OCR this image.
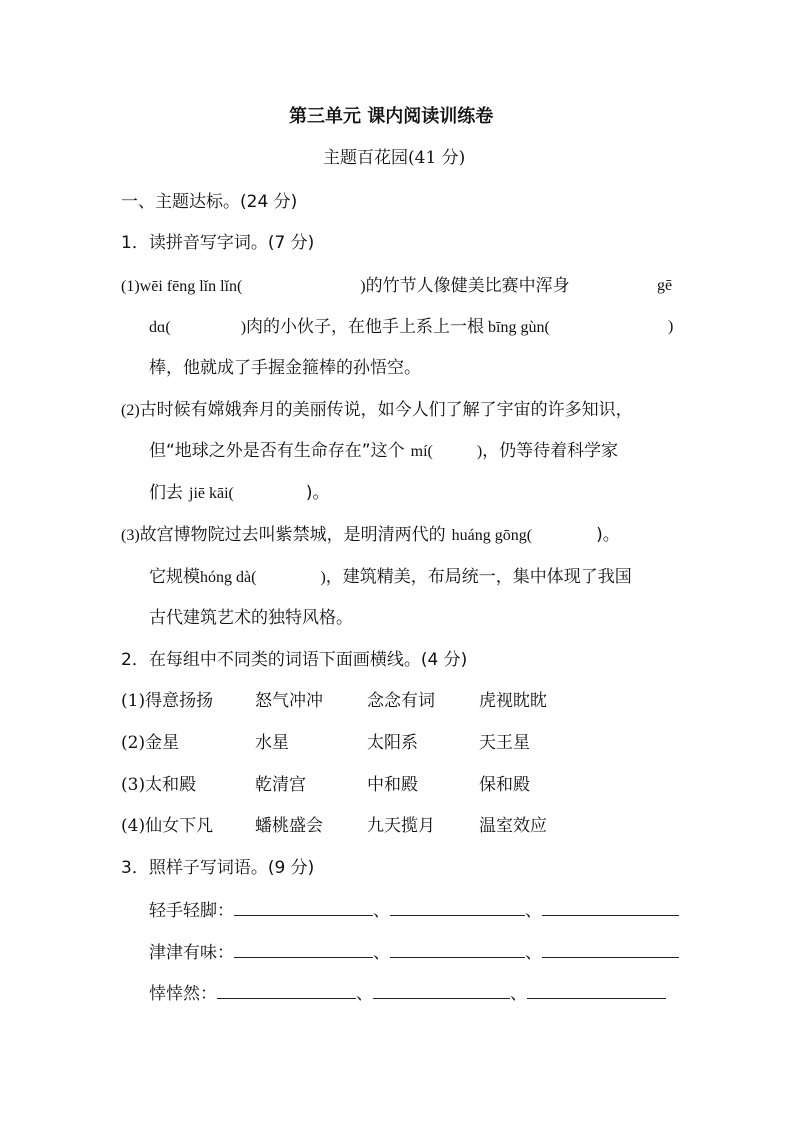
第三单元 课内阅读训练卷
主题百花园(41 分)
一、主题达标。(24 分)
1．读拼音写字词。(7 分)
(1)wēi fēng lǐn lǐn(	)的竹节人像健美比赛中浑身	gē
dɑ(	)肉的小伙子，在他手上系上一根 bīng gùn(	)
棒，他就成了手握金箍棒的孙悟空。
(2)古时候有嫦娥奔月的美丽传说，如今人们了解了宇宙的许多知识，
但“地球之外是否有生命存在”这个 mí(	)，仍等待着科学家
们去 jiē kāi(	)。
(3)故宫博物院过去叫紫禁城，是明清两代的 huáng gōng(	)。
它规模hóng dà(	)，建筑精美，布局统一，集中体现了我国
古代建筑艺术的独特风格。
2．在每组中不同类的词语下面画横线。(4 分)
(1)得意扬扬 怒气冲冲	念念有词	虎视眈眈
(2)金星	水星	太阳系	天王星
(3)太和殿	乾清宫	中和殿	保和殿
(4)仙女下凡 蟠桃盛会	九天揽月	温室效应
3．照样子写词语。(9 分)
轻手轻脚：	、	、
津津有味：	、	、
悻悻然：	、	、
